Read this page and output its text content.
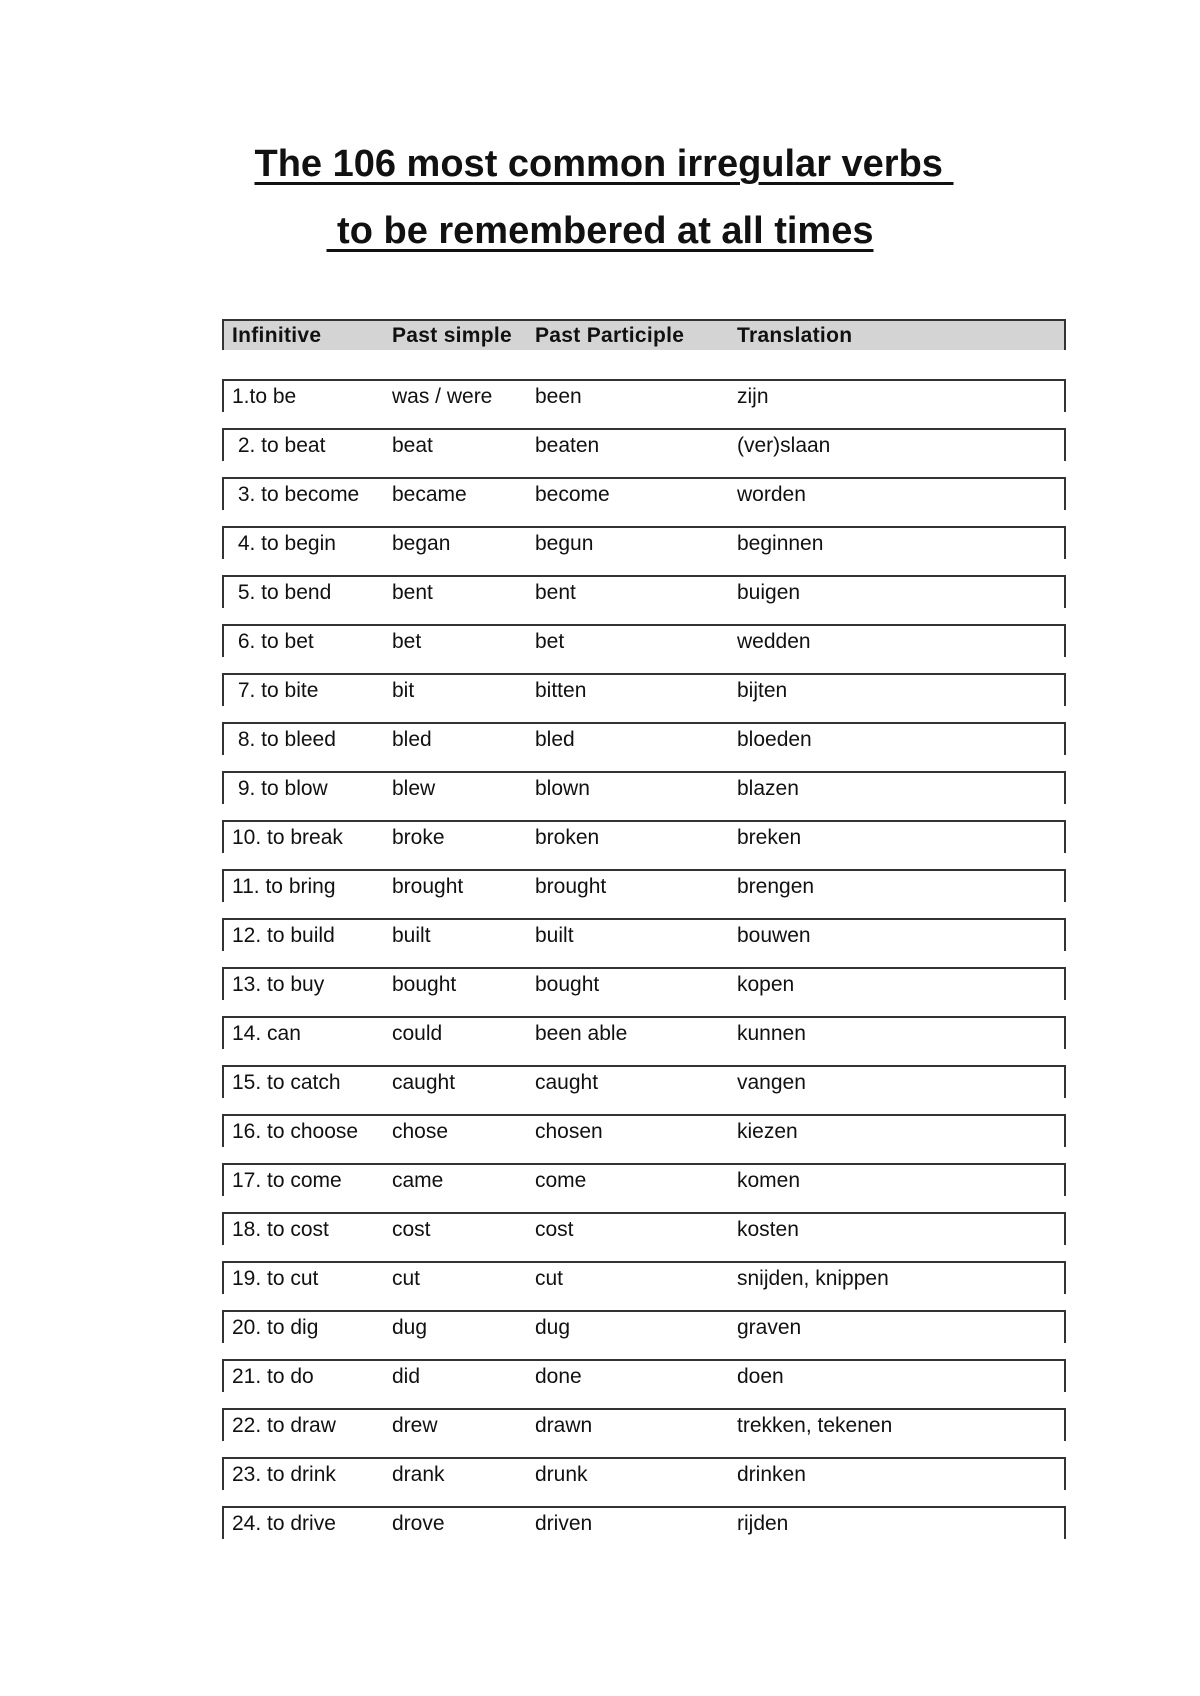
The 106 most common irregular verbs
to be remembered at all times
Infinitive	Past simple	Past Participle	Translation
1.to be	was / were	been	zijn
2. to beat	beat	beaten	(ver)slaan
3. to become	became	become	worden
4. to begin	began	begun	beginnen
5. to bend	bent	bent	buigen
6. to bet	bet	bet	wedden
7. to bite	bit	bitten	bijten
8. to bleed	bled	bled	bloeden
9. to blow	blew	blown	blazen
10. to break	broke	broken	breken
11. to bring	brought	brought	brengen
12. to build	built	built	bouwen
13. to buy	bought	bought	kopen
14. can	could	been able	kunnen
15. to catch	caught	caught	vangen
16. to choose	chose	chosen	kiezen
17. to come	came	come	komen
18. to cost	cost	cost	kosten
19. to cut	cut	cut	snijden, knippen
20. to dig	dug	dug	graven
21. to do	did	done	doen
22. to draw	drew	drawn	trekken, tekenen
23. to drink	drank	drunk	drinken
24. to drive	drove	driven	rijden
